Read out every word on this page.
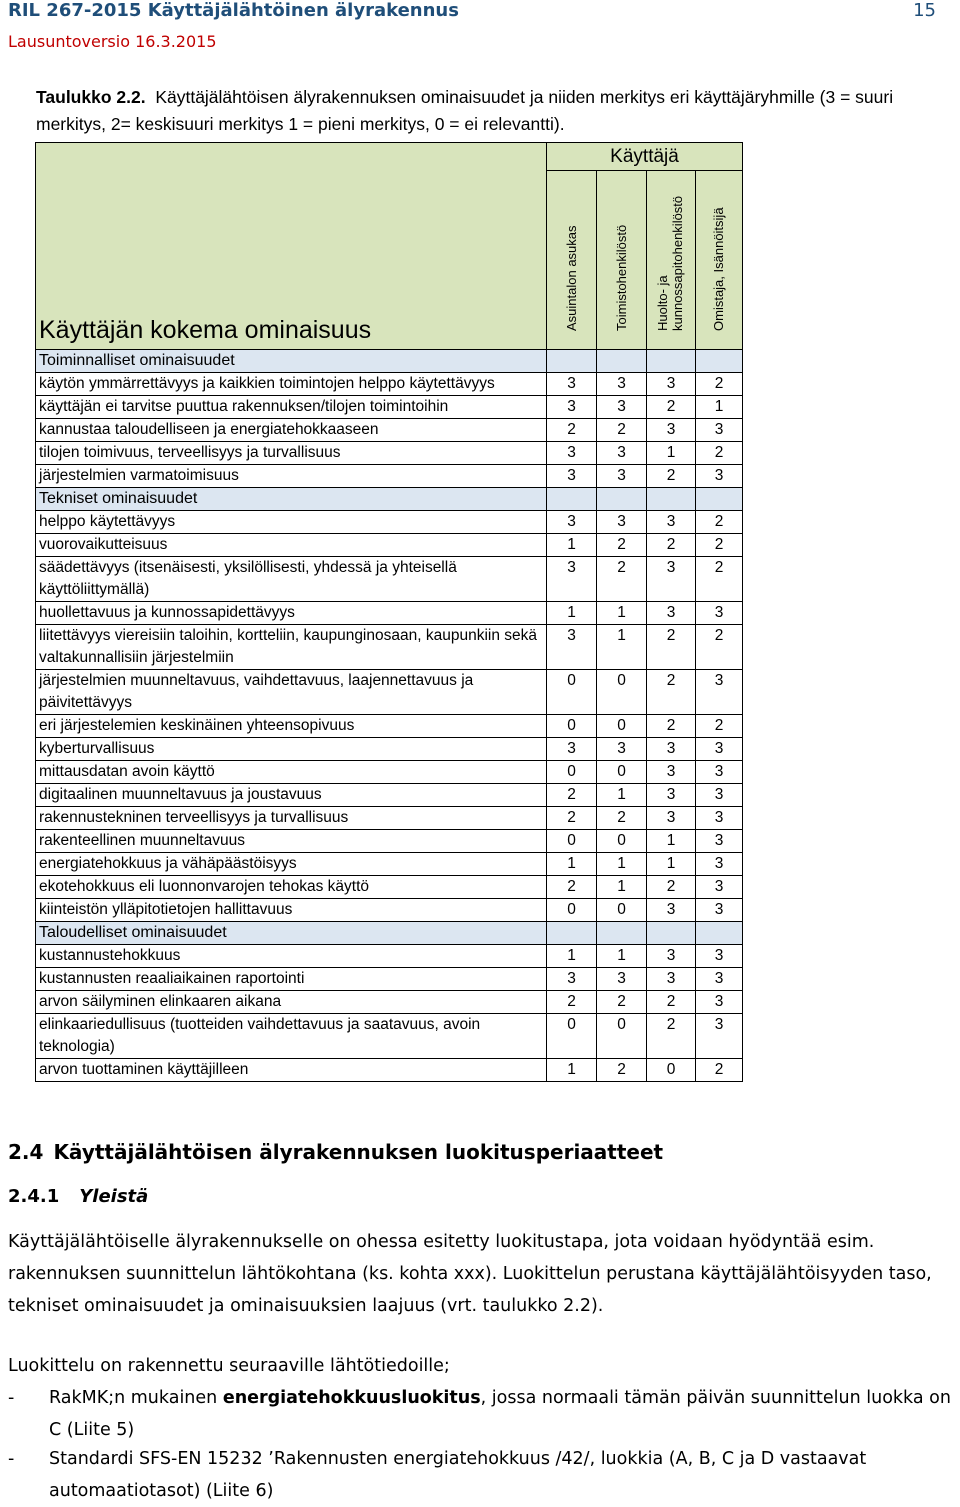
RIL 267-2015 Käyttäjälähtöinen älyrakennus
Lausuntoversio 16.3.2015
15
Taulukko 2.2. Käyttäjälähtöisen älyrakennuksen ominaisuudet ja niiden merkitys eri käyttäjäryhmille (3 = suuri merkitys, 2= keskisuuri merkitys 1 = pieni merkitys, 0 = ei relevantti).
Käyttäjän kokema ominaisuus	Käyttäjä			

	Asuintalon asukas	Toimistohenkilöstö	Huolto- ja kunnossapitohenkilöstö	Omistaja, Isännöitsijä

Toiminnalliset ominaisuudet				
käytön ymmärrettävyys ja kaikkien toimintojen helppo käytettävyys	3	3	3	2
käyttäjän ei tarvitse puuttua rakennuksen/tilojen toimintoihin	3	3	2	1
kannustaa taloudelliseen ja energiatehokkaaseen	2	2	3	3
tilojen toimivuus, terveellisyys ja turvallisuus	3	3	1	2
järjestelmien varmatoimisuus	3	3	2	3
Tekniset ominaisuudet				
helppo käytettävyys	3	3	3	2
vuorovaikutteisuus	1	2	2	2
säädettävyys (itsenäisesti, yksilöllisesti, yhdessä ja yhteisellä käyttöliittymällä)	3	2	3	2
huollettavuus ja kunnossapidettävyys	1	1	3	3
liitettävyys viereisiin taloihin, kortteliin, kaupunginosaan, kaupunkiin sekä valtakunnallisiin järjestelmiin	3	1	2	2
järjestelmien muunneltavuus, vaihdettavuus, laajennettavuus ja päivitettävyys	0	0	2	3
eri järjestelemien keskinäinen yhteensopivuus	0	0	2	2
kyberturvallisuus	3	3	3	3
mittausdatan avoin käyttö	0	0	3	3
digitaalinen muunneltavuus ja joustavuus	2	1	3	3
rakennustekninen terveellisyys ja turvallisuus	2	2	3	3
rakenteellinen muunneltavuus	0	0	1	3
energiatehokkuus ja vähäpäästöisyys	1	1	1	3
ekotehokkuus eli luonnonvarojen tehokas käyttö	2	1	2	3
kiinteistön ylläpitotietojen hallittavuus	0	0	3	3
Taloudelliset ominaisuudet				
kustannustehokkuus	1	1	3	3
kustannusten reaaliaikainen raportointi	3	3	3	3
arvon säilyminen elinkaaren aikana	2	2	2	3
elinkaariedullisuus (tuotteiden vaihdettavuus ja saatavuus, avoin teknologia)	0	0	2	3
arvon tuottaminen käyttäjilleen	1	2	0	2
2.4 Käyttäjälähtöisen älyrakennuksen luokitusperiaatteet
2.4.1 Yleistä
Käyttäjälähtöiselle älyrakennukselle on ohessa esitetty luokitustapa, jota voidaan hyödyntää esim. rakennuksen suunnittelun lähtökohtana (ks. kohta xxx). Luokittelun perustana käyttäjälähtöisyyden taso, tekniset ominaisuudet ja ominaisuuksien laajuus (vrt. taulukko 2.2).
Luokittelu on rakennettu seuraaville lähtötiedoille;
- RakMK;n mukainen energiatehokkuusluokitus, jossa normaali tämän päivän suunnittelun luokka on C (Liite 5)
- Standardi SFS-EN 15232 ’Rakennusten energiatehokkuus /42/, luokkia (A, B, C ja D vastaavat automaatiotasot) (Liite 6)
